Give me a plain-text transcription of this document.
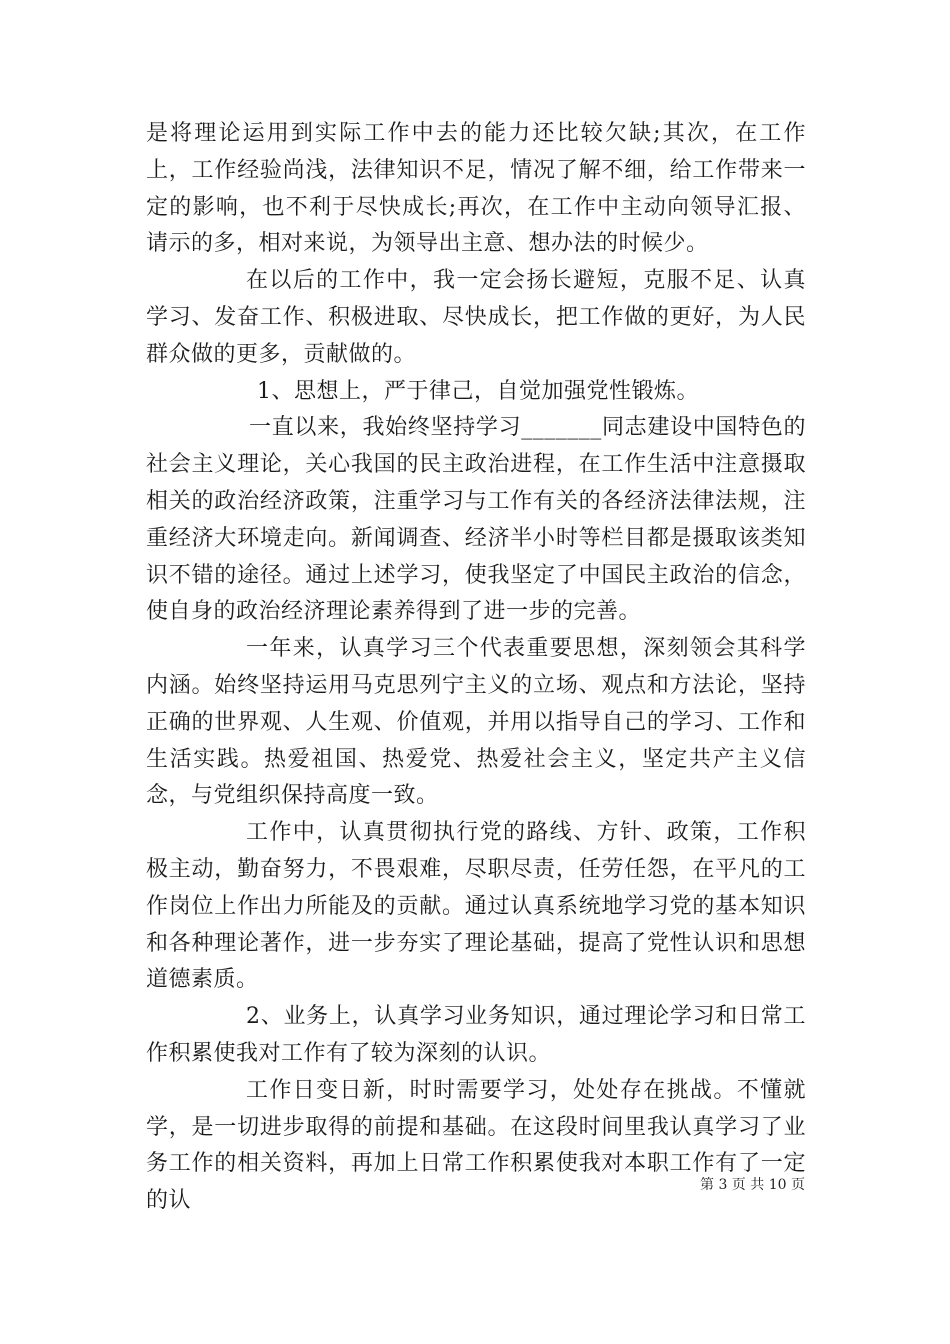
是将理论运用到实际工作中去的能力还比较欠缺;其次，在工作上，工作经验尚浅，法律知识不足，情况了解不细，给工作带来一定的影响，也不利于尽快成长;再次，在工作中主动向领导汇报、请示的多，相对来说，为领导出主意、想办法的时候少。

在以后的工作中，我一定会扬长避短，克服不足、认真学习、发奋工作、积极进取、尽快成长，把工作做的更好，为人民群众做的更多，贡献做的。

1、思想上，严于律己，自觉加强党性锻炼。

一直以来，我始终坚持学习_______同志建设中国特色的社会主义理论，关心我国的民主政治进程，在工作生活中注意摄取相关的政治经济政策，注重学习与工作有关的各经济法律法规，注重经济大环境走向。新闻调查、经济半小时等栏目都是摄取该类知识不错的途径。通过上述学习，使我坚定了中国民主政治的信念，使自身的政治经济理论素养得到了进一步的完善。

一年来，认真学习三个代表重要思想，深刻领会其科学内涵。始终坚持运用马克思列宁主义的立场、观点和方法论，坚持正确的世界观、人生观、价值观，并用以指导自己的学习、工作和生活实践。热爱祖国、热爱党、热爱社会主义，坚定共产主义信念，与党组织保持高度一致。

工作中，认真贯彻执行党的路线、方针、政策，工作积极主动，勤奋努力，不畏艰难，尽职尽责，任劳任怨，在平凡的工作岗位上作出力所能及的贡献。通过认真系统地学习党的基本知识和各种理论著作，进一步夯实了理论基础，提高了党性认识和思想道德素质。

2、业务上，认真学习业务知识，通过理论学习和日常工作积累使我对工作有了较为深刻的认识。

工作日变日新，时时需要学习，处处存在挑战。不懂就学，是一切进步取得的前提和基础。在这段时间里我认真学习了业务工作的相关资料，再加上日常工作积累使我对本职工作有了一定的认

第 3 页 共 10 页
